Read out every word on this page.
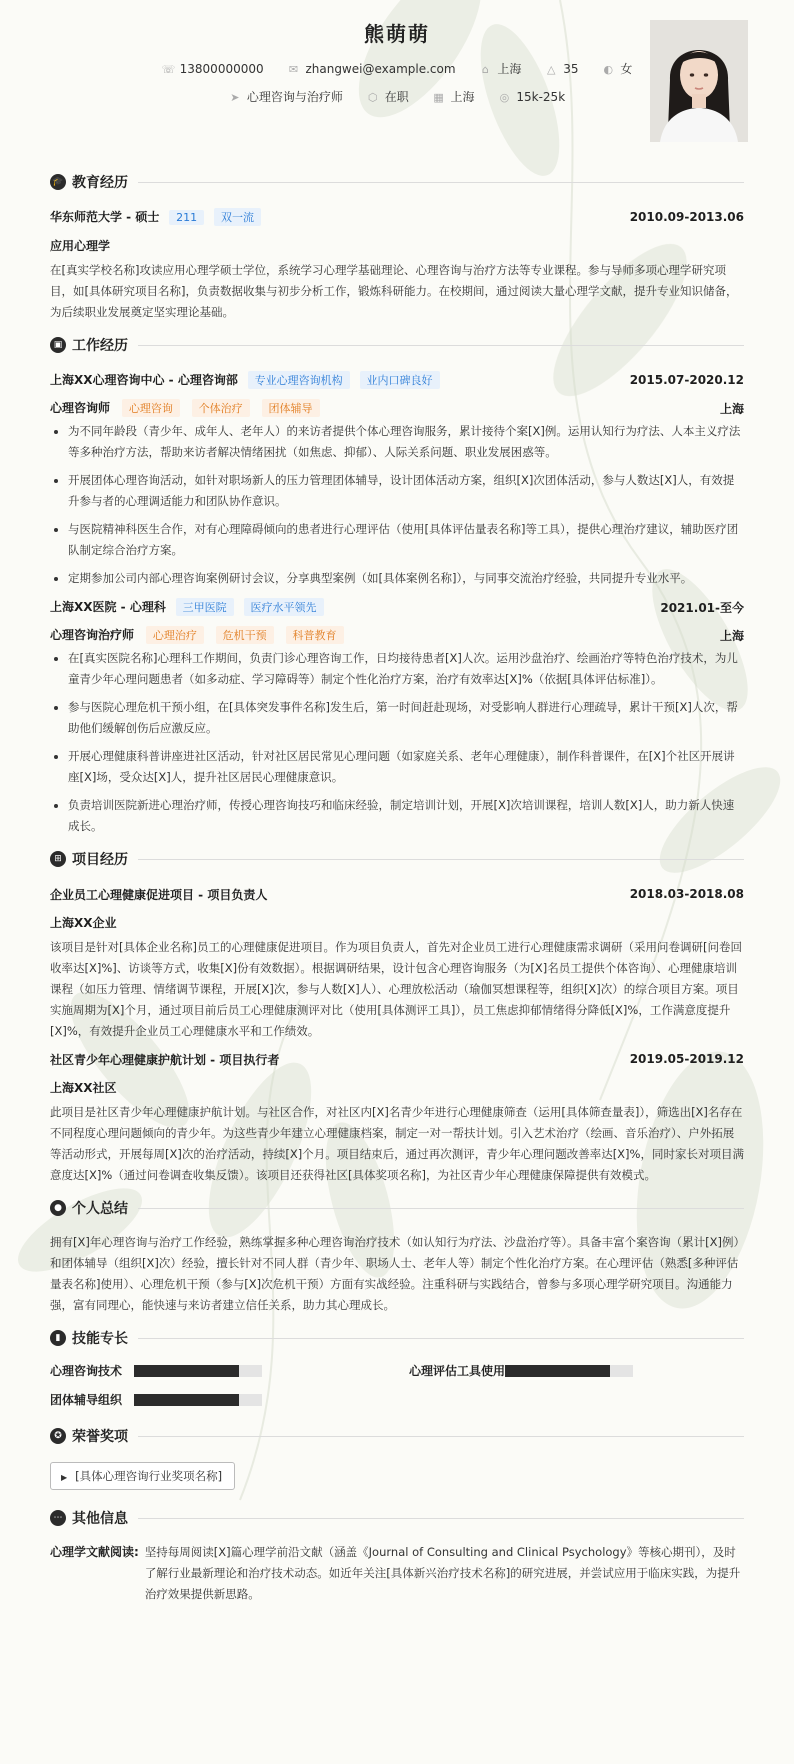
熊萌萌
☏ 13800000000 ✉ zhangwei@example.com ⌂ 上海 △ 35 ◐ 女
➤ 心理咨询与治疗师 ⬡ 在职 ▦ 上海 ◎ 15k-25k
🎓 教育经历
华东师范大学 - 硕士 211 双一流	2010.09-2013.06
应用心理学
在[真实学校名称]攻读应用心理学硕士学位，系统学习心理学基础理论、心理咨询与治疗方法等专业课程。参与导师多项心理学研究项目，如[具体研究项目名称]，负责数据收集与初步分析工作，锻炼科研能力。在校期间，通过阅读大量心理学文献，提升专业知识储备，为后续职业发展奠定坚实理论基础。
▣ 工作经历
上海XX心理咨询中心 - 心理咨询部 专业心理咨询机构 业内口碑良好	2015.07-2020.12
心理咨询师 心理咨询 个体治疗 团体辅导	上海
• 为不同年龄段（青少年、成年人、老年人）的来访者提供个体心理咨询服务，累计接待个案[X]例。运用认知行为疗法、人本主义疗法等多种治疗方法，帮助来访者解决情绪困扰（如焦虑、抑郁）、人际关系问题、职业发展困惑等。
• 开展团体心理咨询活动，如针对职场新人的压力管理团体辅导，设计团体活动方案，组织[X]次团体活动，参与人数达[X]人，有效提升参与者的心理调适能力和团队协作意识。
• 与医院精神科医生合作，对有心理障碍倾向的患者进行心理评估（使用[具体评估量表名称]等工具），提供心理治疗建议，辅助医疗团队制定综合治疗方案。
• 定期参加公司内部心理咨询案例研讨会议，分享典型案例（如[具体案例名称]），与同事交流治疗经验，共同提升专业水平。
上海XX医院 - 心理科 三甲医院 医疗水平领先	2021.01-至今
心理咨询治疗师 心理治疗 危机干预 科普教育	上海
• 在[真实医院名称]心理科工作期间，负责门诊心理咨询工作，日均接待患者[X]人次。运用沙盘治疗、绘画治疗等特色治疗技术，为儿童青少年心理问题患者（如多动症、学习障碍等）制定个性化治疗方案，治疗有效率达[X]%（依据[具体评估标准]）。
• 参与医院心理危机干预小组，在[具体突发事件名称]发生后，第一时间赶赴现场，对受影响人群进行心理疏导，累计干预[X]人次，帮助他们缓解创伤后应激反应。
• 开展心理健康科普讲座进社区活动，针对社区居民常见心理问题（如家庭关系、老年心理健康），制作科普课件，在[X]个社区开展讲座[X]场，受众达[X]人，提升社区居民心理健康意识。
• 负责培训医院新进心理治疗师，传授心理咨询技巧和临床经验，制定培训计划，开展[X]次培训课程，培训人数[X]人，助力新人快速成长。
⊞ 项目经历
企业员工心理健康促进项目 - 项目负责人	2018.03-2018.08
上海XX企业
该项目是针对[具体企业名称]员工的心理健康促进项目。作为项目负责人，首先对企业员工进行心理健康需求调研（采用问卷调研[问卷回收率达[X]%]、访谈等方式，收集[X]份有效数据）。根据调研结果，设计包含心理咨询服务（为[X]名员工提供个体咨询）、心理健康培训课程（如压力管理、情绪调节课程，开展[X]次，参与人数[X]人）、心理放松活动（瑜伽冥想课程等，组织[X]次）的综合项目方案。项目实施周期为[X]个月，通过项目前后员工心理健康测评对比（使用[具体测评工具]），员工焦虑抑郁情绪得分降低[X]%，工作满意度提升[X]%，有效提升企业员工心理健康水平和工作绩效。
社区青少年心理健康护航计划 - 项目执行者	2019.05-2019.12
上海XX社区
此项目是社区青少年心理健康护航计划。与社区合作，对社区内[X]名青少年进行心理健康筛查（运用[具体筛查量表]），筛选出[X]名存在不同程度心理问题倾向的青少年。为这些青少年建立心理健康档案，制定一对一帮扶计划。引入艺术治疗（绘画、音乐治疗）、户外拓展等活动形式，开展每周[X]次的治疗活动，持续[X]个月。项目结束后，通过再次测评，青少年心理问题改善率达[X]%，同时家长对项目满意度达[X]%（通过问卷调查收集反馈）。该项目还获得社区[具体奖项名称]，为社区青少年心理健康保障提供有效模式。
● 个人总结
拥有[X]年心理咨询与治疗工作经验，熟练掌握多种心理咨询治疗技术（如认知行为疗法、沙盘治疗等）。具备丰富个案咨询（累计[X]例）和团体辅导（组织[X]次）经验，擅长针对不同人群（青少年、职场人士、老年人等）制定个性化治疗方案。在心理评估（熟悉[多种评估量表名称]使用）、心理危机干预（参与[X]次危机干预）方面有实战经验。注重科研与实践结合，曾参与多项心理学研究项目。沟通能力强，富有同理心，能快速与来访者建立信任关系，助力其心理成长。
▮ 技能专长
心理咨询技术	心理评估工具使用
团体辅导组织
✪ 荣誉奖项
▶ [具体心理咨询行业奖项名称]
⋯ 其他信息
心理学文献阅读: 坚持每周阅读[X]篇心理学前沿文献（涵盖《Journal of Consulting and Clinical Psychology》等核心期刊），及时了解行业最新理论和治疗技术动态。如近年关注[具体新兴治疗技术名称]的研究进展，并尝试应用于临床实践，为提升治疗效果提供新思路。
